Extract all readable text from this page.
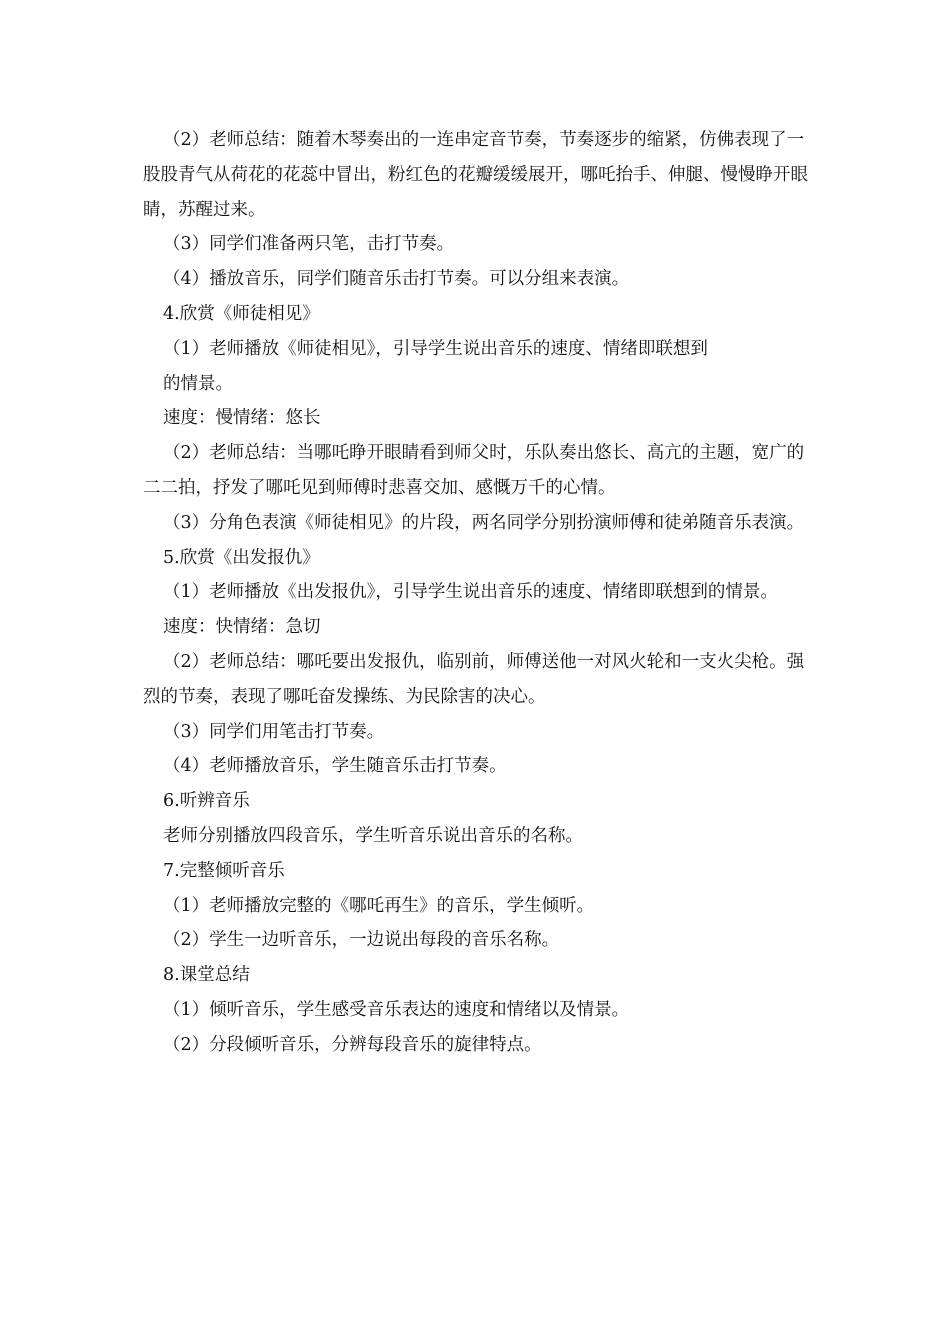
（2）老师总结：随着木琴奏出的一连串定音节奏，节奏逐步的缩紧，仿佛表现了一股股青气从荷花的花蕊中冒出，粉红色的花瓣缓缓展开，哪吒抬手、伸腿、慢慢睁开眼睛，苏醒过来。

（3）同学们准备两只笔，击打节奏。

（4）播放音乐，同学们随音乐击打节奏。可以分组来表演。

4.欣赏《师徒相见》

（1）老师播放《师徒相见》，引导学生说出音乐的速度、情绪即联想到

的情景。

速度：慢情绪：悠长

（2）老师总结：当哪吒睁开眼睛看到师父时，乐队奏出悠长、高亢的主题，宽广的二二拍，抒发了哪吒见到师傅时悲喜交加、感慨万千的心情。

（3）分角色表演《师徒相见》的片段，两名同学分别扮演师傅和徒弟随音乐表演。

5.欣赏《出发报仇》

（1）老师播放《出发报仇》，引导学生说出音乐的速度、情绪即联想到的情景。

速度：快情绪：急切

（2）老师总结：哪吒要出发报仇，临别前，师傅送他一对风火轮和一支火尖枪。强烈的节奏，表现了哪吒奋发操练、为民除害的决心。

（3）同学们用笔击打节奏。

（4）老师播放音乐，学生随音乐击打节奏。

6.听辨音乐

老师分别播放四段音乐，学生听音乐说出音乐的名称。

7.完整倾听音乐

（1）老师播放完整的《哪吒再生》的音乐，学生倾听。

（2）学生一边听音乐，一边说出每段的音乐名称。

8.课堂总结

（1）倾听音乐，学生感受音乐表达的速度和情绪以及情景。

（2）分段倾听音乐，分辨每段音乐的旋律特点。
